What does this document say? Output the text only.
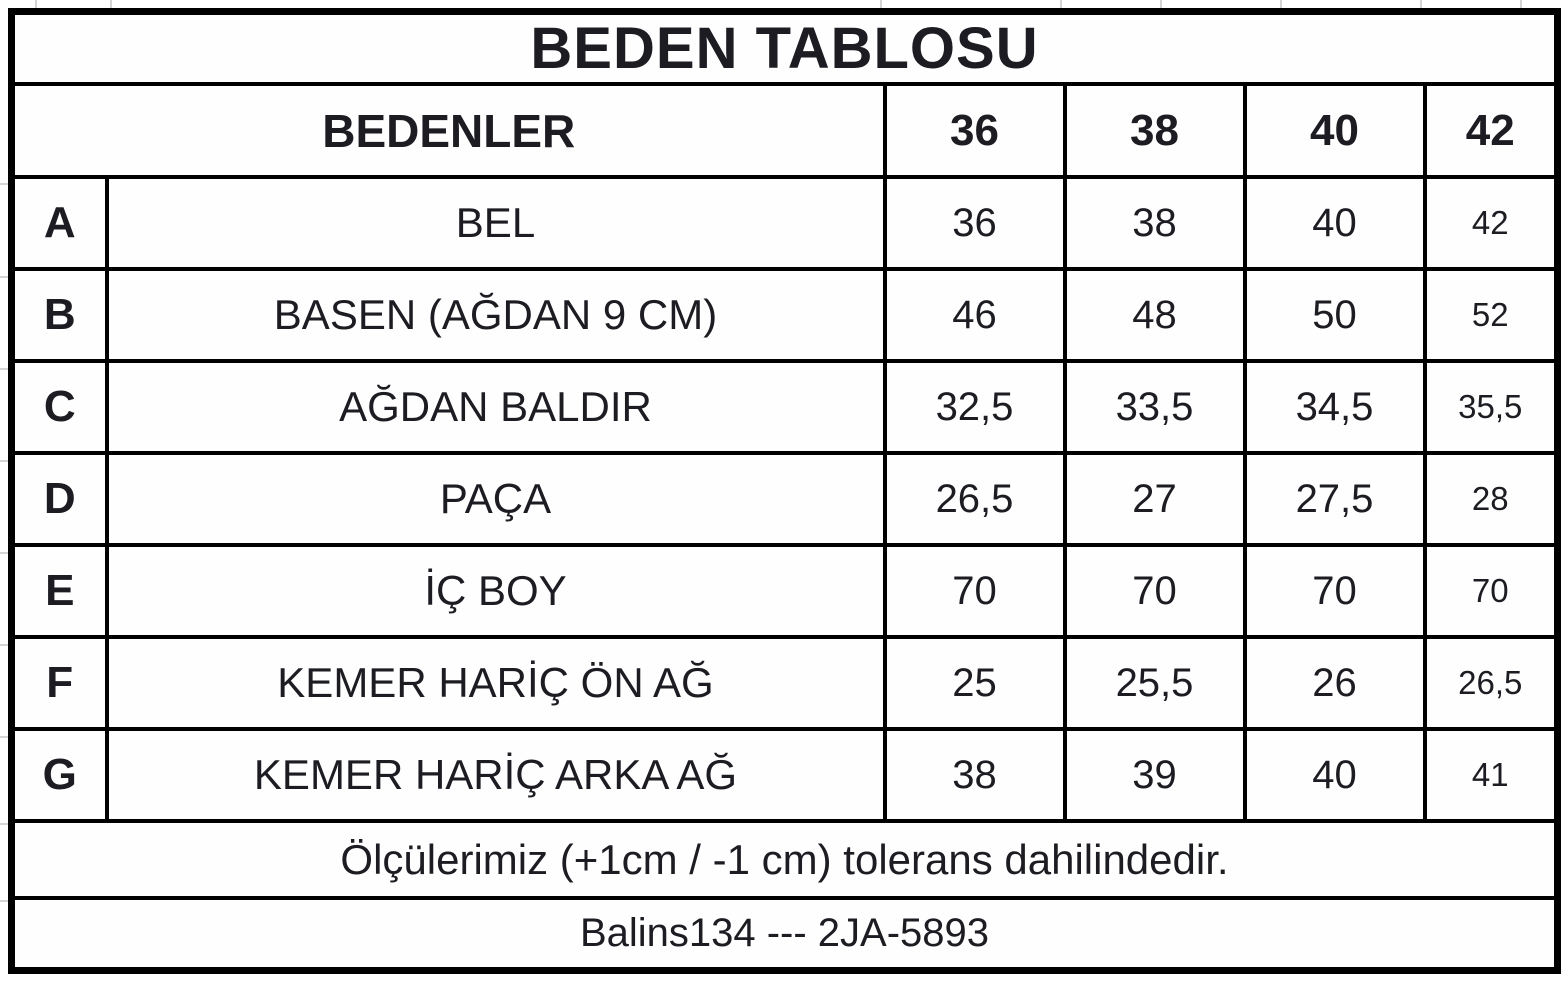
BEDEN TABLOSU					
BEDENLER		36	38	40	42
A	BEL	36	38	40	42
B	BASEN (AĞDAN 9 CM)	46	48	50	52
C	AĞDAN BALDIR	32,5	33,5	34,5	35,5
D	PAÇA	26,5	27	27,5	28
E	İÇ BOY	70	70	70	70
F	KEMER HARİÇ ÖN AĞ	25	25,5	26	26,5
G	KEMER HARİÇ ARKA AĞ	38	39	40	41
Ölçülerimiz (+1cm / -1 cm) tolerans dahilindedir.					
Balins134 --- 2JA-5893					
